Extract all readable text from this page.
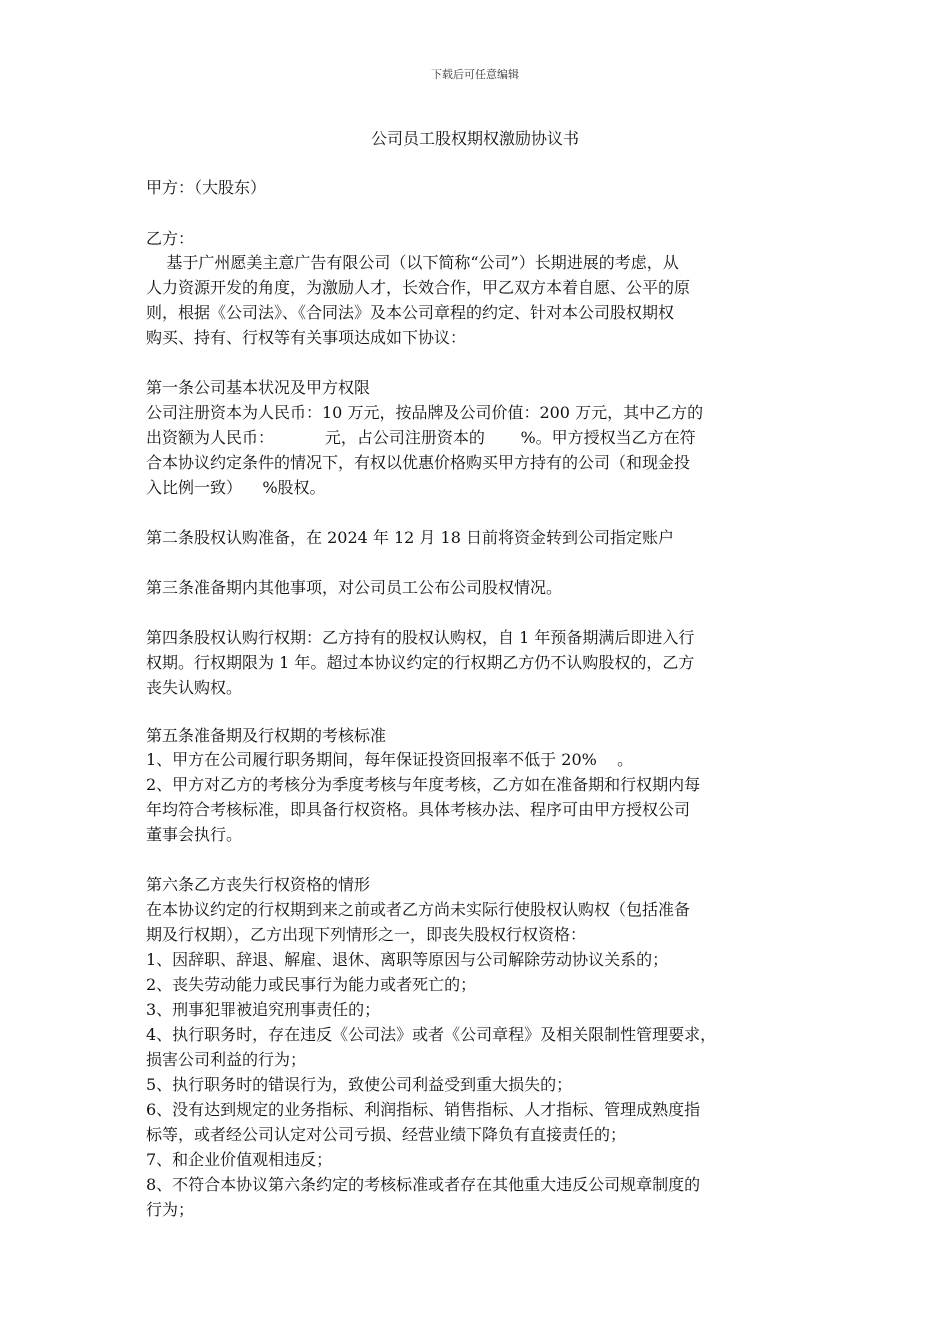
下载后可任意编辑
公司员工股权期权激励协议书
甲方：（大股东）
乙方：
基于广州愿美主意广告有限公司（以下简称“公司”）长期进展的考虑，从
人力资源开发的角度，为激励人才，长效合作，甲乙双方本着自愿、公平的原
则，根据《公司法》、《合同法》及本公司章程的约定、针对本公司股权期权
购买、持有、行权等有关事项达成如下协议：
第一条公司基本状况及甲方权限
公司注册资本为人民币：10 万元，按品牌及公司价值：200 万元，其中乙方的
出资额为人民币：          元，占公司注册资本的       %。甲方授权当乙方在符
合本协议约定条件的情况下，有权以优惠价格购买甲方持有的公司（和现金投
入比例一致）    %股权。
第二条股权认购准备，在 2024 年 12 月 18 日前将资金转到公司指定账户
第三条准备期内其他事项，对公司员工公布公司股权情况。
第四条股权认购行权期：乙方持有的股权认购权，自 1 年预备期满后即进入行
权期。行权期限为 1 年。超过本协议约定的行权期乙方仍不认购股权的，乙方
丧失认购权。
第五条准备期及行权期的考核标准
1、甲方在公司履行职务期间，每年保证投资回报率不低于 20%    。
2、甲方对乙方的考核分为季度考核与年度考核，乙方如在准备期和行权期内每
年均符合考核标准，即具备行权资格。具体考核办法、程序可由甲方授权公司
董事会执行。
第六条乙方丧失行权资格的情形
在本协议约定的行权期到来之前或者乙方尚未实际行使股权认购权（包括准备
期及行权期），乙方出现下列情形之一，即丧失股权行权资格：
1、因辞职、辞退、解雇、退休、离职等原因与公司解除劳动协议关系的；
2、丧失劳动能力或民事行为能力或者死亡的；
3、刑事犯罪被追究刑事责任的；
4、执行职务时，存在违反《公司法》或者《公司章程》及相关限制性管理要求，
损害公司利益的行为；
5、执行职务时的错误行为，致使公司利益受到重大损失的；
6、没有达到规定的业务指标、利润指标、销售指标、人才指标、管理成熟度指
标等，或者经公司认定对公司亏损、经营业绩下降负有直接责任的；
7、和企业价值观相违反；
8、不符合本协议第六条约定的考核标准或者存在其他重大违反公司规章制度的
行为；
